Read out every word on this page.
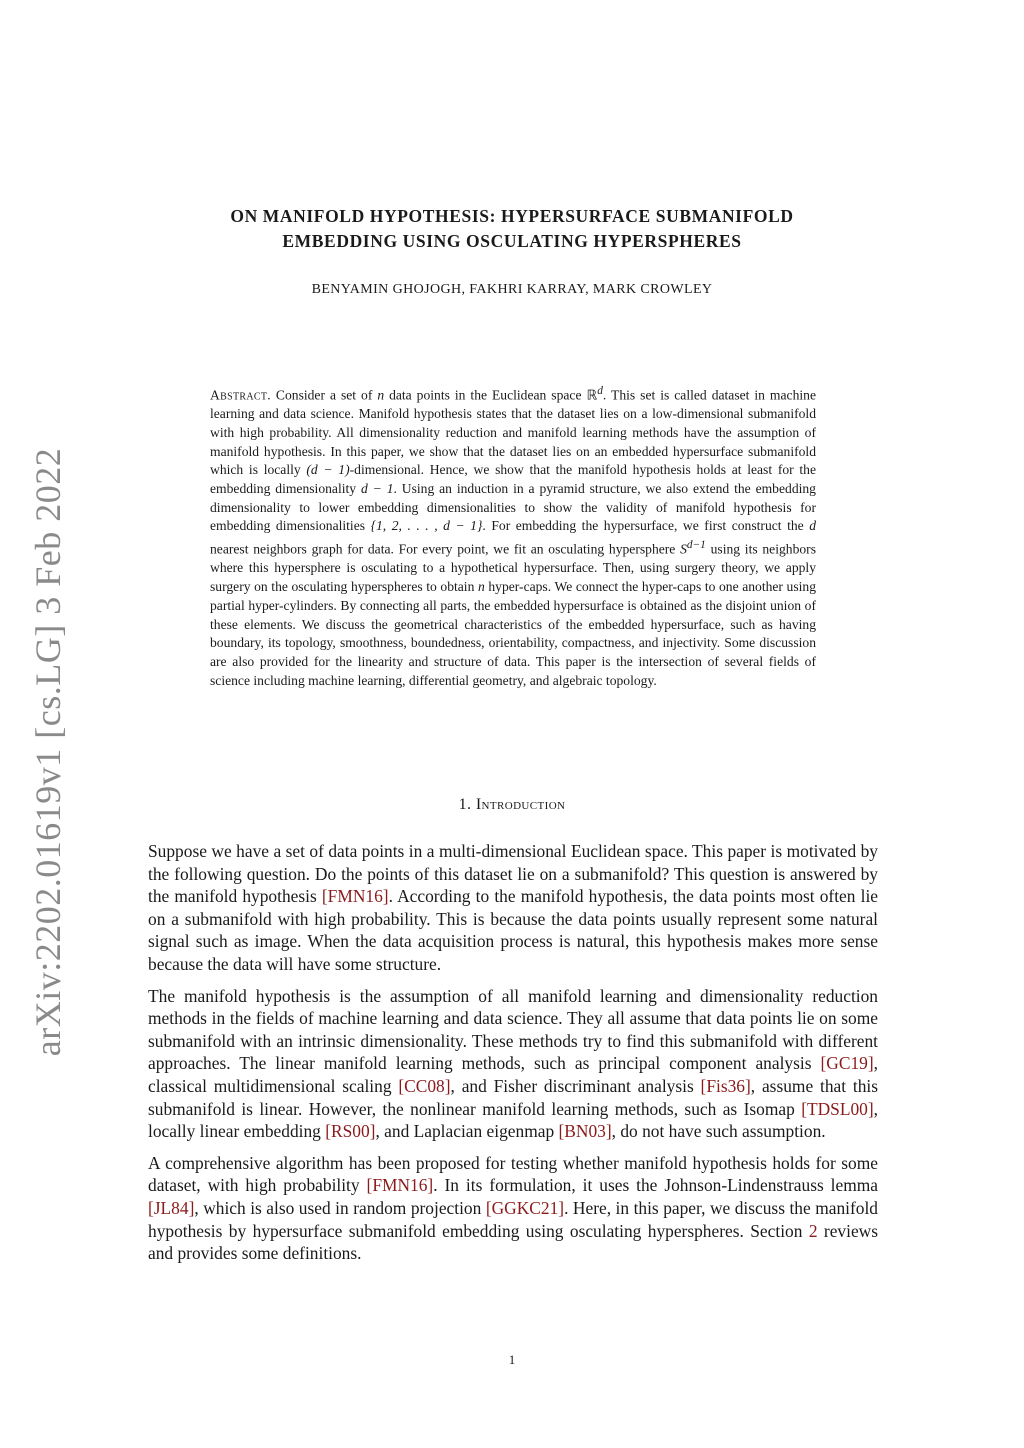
arXiv:2202.01619v1 [cs.LG] 3 Feb 2022
ON MANIFOLD HYPOTHESIS: HYPERSURFACE SUBMANIFOLD
EMBEDDING USING OSCULATING HYPERSPHERES
BENYAMIN GHOJOGH, FAKHRI KARRAY, MARK CROWLEY
Abstract. Consider a set of n data points in the Euclidean space ℝ$^d$. This set is called dataset in machine learning and data science. Manifold hypothesis states that the dataset lies on a low-dimensional submanifold with high probability. All dimensionality reduction and manifold learning methods have the assumption of manifold hypothesis. In this paper, we show that the dataset lies on an embedded hypersurface submanifold which is locally (d − 1)-dimensional. Hence, we show that the manifold hypothesis holds at least for the embedding dimensionality d − 1. Using an induction in a pyramid structure, we also extend the embedding dimensionality to lower embedding dimensionalities to show the validity of manifold hypothesis for embedding dimensionalities {1, 2, . . . , d − 1}. For embedding the hypersurface, we first construct the d nearest neighbors graph for data. For every point, we fit an osculating hypersphere $S^{d-1}$ using its neighbors where this hypersphere is osculating to a hypothetical hypersurface. Then, using surgery theory, we apply surgery on the osculating hyperspheres to obtain n hyper-caps. We connect the hyper-caps to one another using partial hyper-cylinders. By connecting all parts, the embedded hypersurface is obtained as the disjoint union of these elements. We discuss the geometrical characteristics of the embedded hypersurface, such as having boundary, its topology, smoothness, boundedness, orientability, compactness, and injectivity. Some discussion are also provided for the linearity and structure of data. This paper is the intersection of several fields of science including machine learning, differential geometry, and algebraic topology.
1. Introduction

Suppose we have a set of data points in a multi-dimensional Euclidean space. This paper is motivated by the following question. Do the points of this dataset lie on a submanifold? This question is answered by the manifold hypothesis [FMN16]. According to the manifold hypothesis, the data points most often lie on a submanifold with high probability. This is because the data points usually represent some natural signal such as image. When the data acquisition process is natural, this hypothesis makes more sense because the data will have some structure.

The manifold hypothesis is the assumption of all manifold learning and dimensionality reduction methods in the fields of machine learning and data science. They all assume that data points lie on some submanifold with an intrinsic dimensionality. These methods try to find this submanifold with different approaches. The linear manifold learning methods, such as principal component analysis [GC19], classical multidimensional scaling [CC08], and Fisher discriminant analysis [Fis36], assume that this submanifold is linear. However, the nonlinear manifold learning methods, such as Isomap [TDSL00], locally linear embedding [RS00], and Laplacian eigenmap [BN03], do not have such assumption.

A comprehensive algorithm has been proposed for testing whether manifold hypothesis holds for some dataset, with high probability [FMN16]. In its formulation, it uses the Johnson-Lindenstrauss lemma [JL84], which is also used in random projection [GGKC21]. Here, in this paper, we discuss the manifold hypothesis by hypersurface submanifold embedding using osculating hyperspheres. Section 2 reviews and provides some definitions.

1
